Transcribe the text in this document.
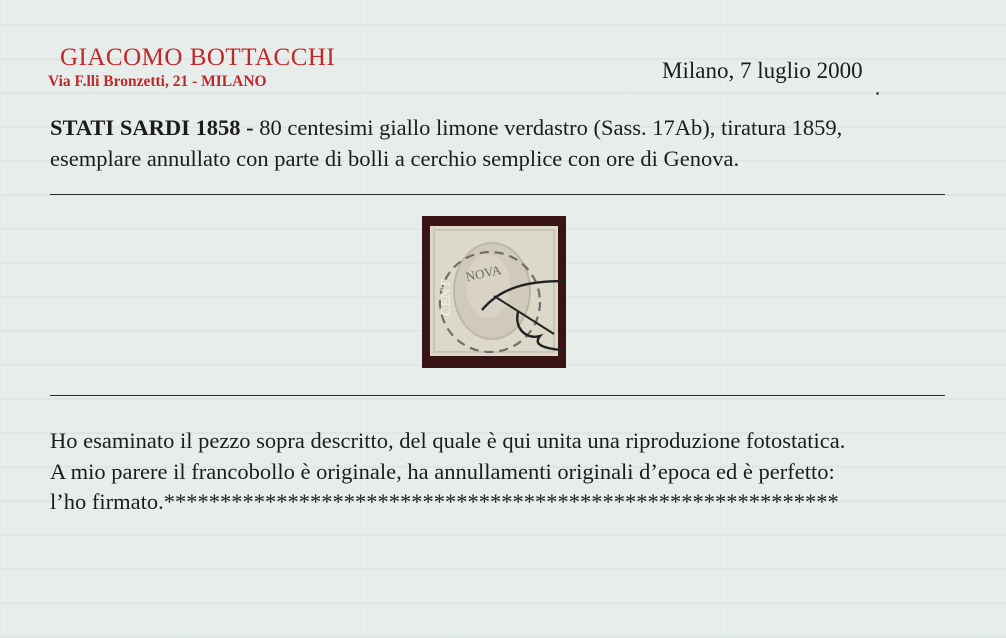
GIACOMO BOTTACCHI
Via F.lli Bronzetti, 21 - MILANO	Milano, 7 luglio 2000
STATI SARDI 1858 - 80 centesimi giallo limone verdastro (Sass. 17Ab), tiratura 1859,
esemplare annullato con parte di bolli a cerchio semplice con ore di Genova.
NOVA
CENT
Ho esaminato il pezzo sopra descritto, del quale è qui unita una riproduzione fotostatica.
A mio parere il francobollo è originale, ha annullamenti originali d’epoca ed è perfetto:
l’ho firmato.************************************************************
